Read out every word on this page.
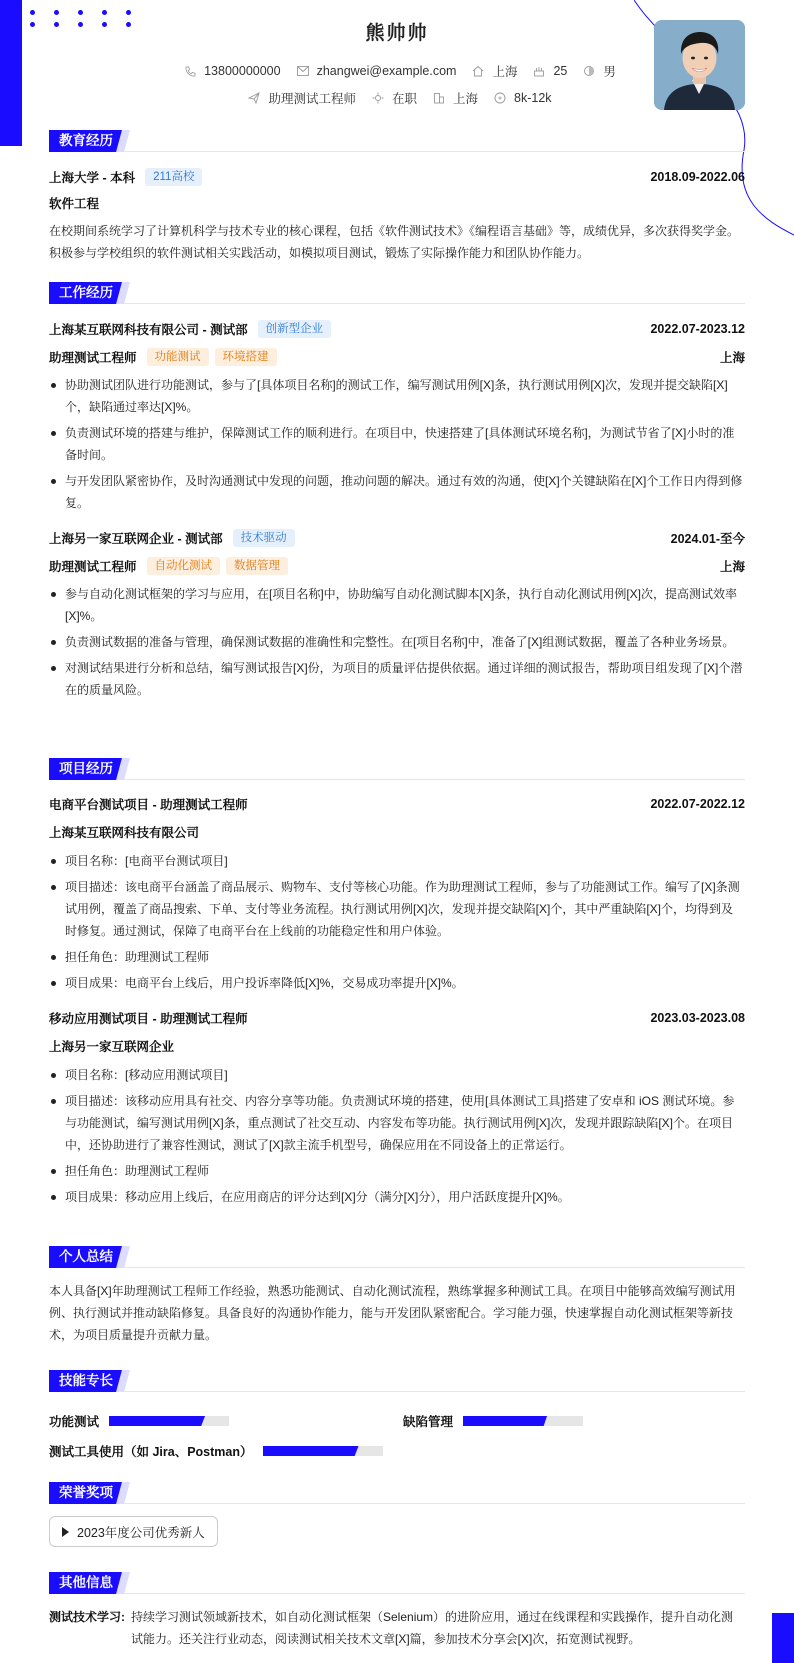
熊帅帅
13800000000	zhangwei@example.com	上海	25	男
助理测试工程师	在职	上海	8k-12k
教育经历
上海大学 - 本科	211高校	2018.09-2022.06
软件工程
在校期间系统学习了计算机科学与技术专业的核心课程，包括《软件测试技术》《编程语言基础》等，成绩优异，多次获得奖学金。积极参与学校组织的软件测试相关实践活动，如模拟项目测试，锻炼了实际操作能力和团队协作能力。
工作经历
上海某互联网科技有限公司 - 测试部	创新型企业	2022.07-2023.12
助理测试工程师	功能测试	环境搭建	上海
协助测试团队进行功能测试，参与了[具体项目名称]的测试工作，编写测试用例[X]条，执行测试用例[X]次，发现并提交缺陷[X]个，缺陷通过率达[X]%。
负责测试环境的搭建与维护，保障测试工作的顺利进行。在项目中，快速搭建了[具体测试环境名称]，为测试节省了[X]小时的准备时间。
与开发团队紧密协作，及时沟通测试中发现的问题，推动问题的解决。通过有效的沟通，使[X]个关键缺陷在[X]个工作日内得到修复。
上海另一家互联网企业 - 测试部	技术驱动	2024.01-至今
助理测试工程师	自动化测试	数据管理	上海
参与自动化测试框架的学习与应用，在[项目名称]中，协助编写自动化测试脚本[X]条，执行自动化测试用例[X]次，提高测试效率[X]%。
负责测试数据的准备与管理，确保测试数据的准确性和完整性。在[项目名称]中，准备了[X]组测试数据，覆盖了各种业务场景。
对测试结果进行分析和总结，编写测试报告[X]份，为项目的质量评估提供依据。通过详细的测试报告，帮助项目组发现了[X]个潜在的质量风险。
项目经历
电商平台测试项目 - 助理测试工程师	2022.07-2022.12
上海某互联网科技有限公司
项目名称：[电商平台测试项目]
项目描述：该电商平台涵盖了商品展示、购物车、支付等核心功能。作为助理测试工程师，参与了功能测试工作。编写了[X]条测试用例，覆盖了商品搜索、下单、支付等业务流程。执行测试用例[X]次，发现并提交缺陷[X]个，其中严重缺陷[X]个，均得到及时修复。通过测试，保障了电商平台在上线前的功能稳定性和用户体验。
担任角色：助理测试工程师
项目成果：电商平台上线后，用户投诉率降低[X]%，交易成功率提升[X]%。
移动应用测试项目 - 助理测试工程师	2023.03-2023.08
上海另一家互联网企业
项目名称：[移动应用测试项目]
项目描述：该移动应用具有社交、内容分享等功能。负责测试环境的搭建，使用[具体测试工具]搭建了安卓和 iOS 测试环境。参与功能测试，编写测试用例[X]条，重点测试了社交互动、内容发布等功能。执行测试用例[X]次，发现并跟踪缺陷[X]个。在项目中，还协助进行了兼容性测试，测试了[X]款主流手机型号，确保应用在不同设备上的正常运行。
担任角色：助理测试工程师
项目成果：移动应用上线后，在应用商店的评分达到[X]分（满分[X]分），用户活跃度提升[X]%。
个人总结
本人具备[X]年助理测试工程师工作经验，熟悉功能测试、自动化测试流程，熟练掌握多种测试工具。在项目中能够高效编写测试用例、执行测试并推动缺陷修复。具备良好的沟通协作能力，能与开发团队紧密配合。学习能力强，快速掌握自动化测试框架等新技术，为项目质量提升贡献力量。
技能专长
功能测试	缺陷管理
测试工具使用（如 Jira、Postman）
荣誉奖项
2023年度公司优秀新人
其他信息
测试技术学习: 持续学习测试领域新技术，如自动化测试框架（Selenium）的进阶应用，通过在线课程和实践操作，提升自动化测试能力。还关注行业动态，阅读测试相关技术文章[X]篇，参加技术分享会[X]次，拓宽测试视野。
